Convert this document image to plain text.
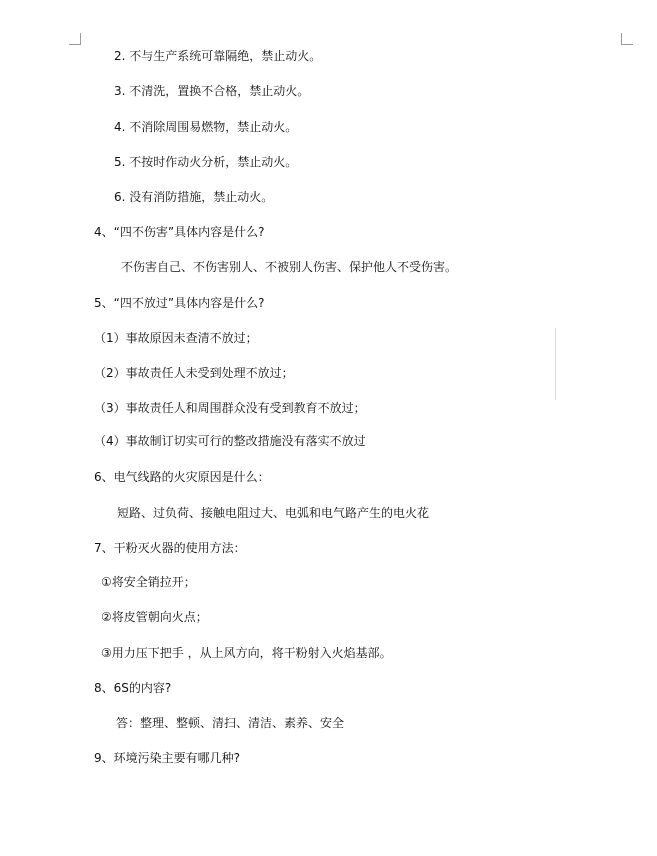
2. 不与生产系统可靠隔绝，禁止动火。
3. 不清洗，置换不合格，禁止动火。
4. 不消除周围易燃物，禁止动火。
5. 不按时作动火分析，禁止动火。
6. 没有消防措施，禁止动火。
4、“四不伤害”具体内容是什么?
不伤害自己、不伤害别人、不被别人伤害、保护他人不受伤害。
5、“四不放过”具体内容是什么?
（1）事故原因未查清不放过；
（2）事故责任人未受到处理不放过；
（3）事故责任人和周围群众没有受到教育不放过；
（4）事故制订切实可行的整改措施没有落实不放过
6、电气线路的火灾原因是什么：
短路、过负荷、接触电阻过大、电弧和电气路产生的电火花
7、干粉灭火器的使用方法：
①将安全销拉开；
②将皮管朝向火点；
③用力压下把手 ，从上风方向，将干粉射入火焰基部。
8、6S的内容?
答：整理、整顿、清扫、清洁、素养、安全
9、环境污染主要有哪几种?
